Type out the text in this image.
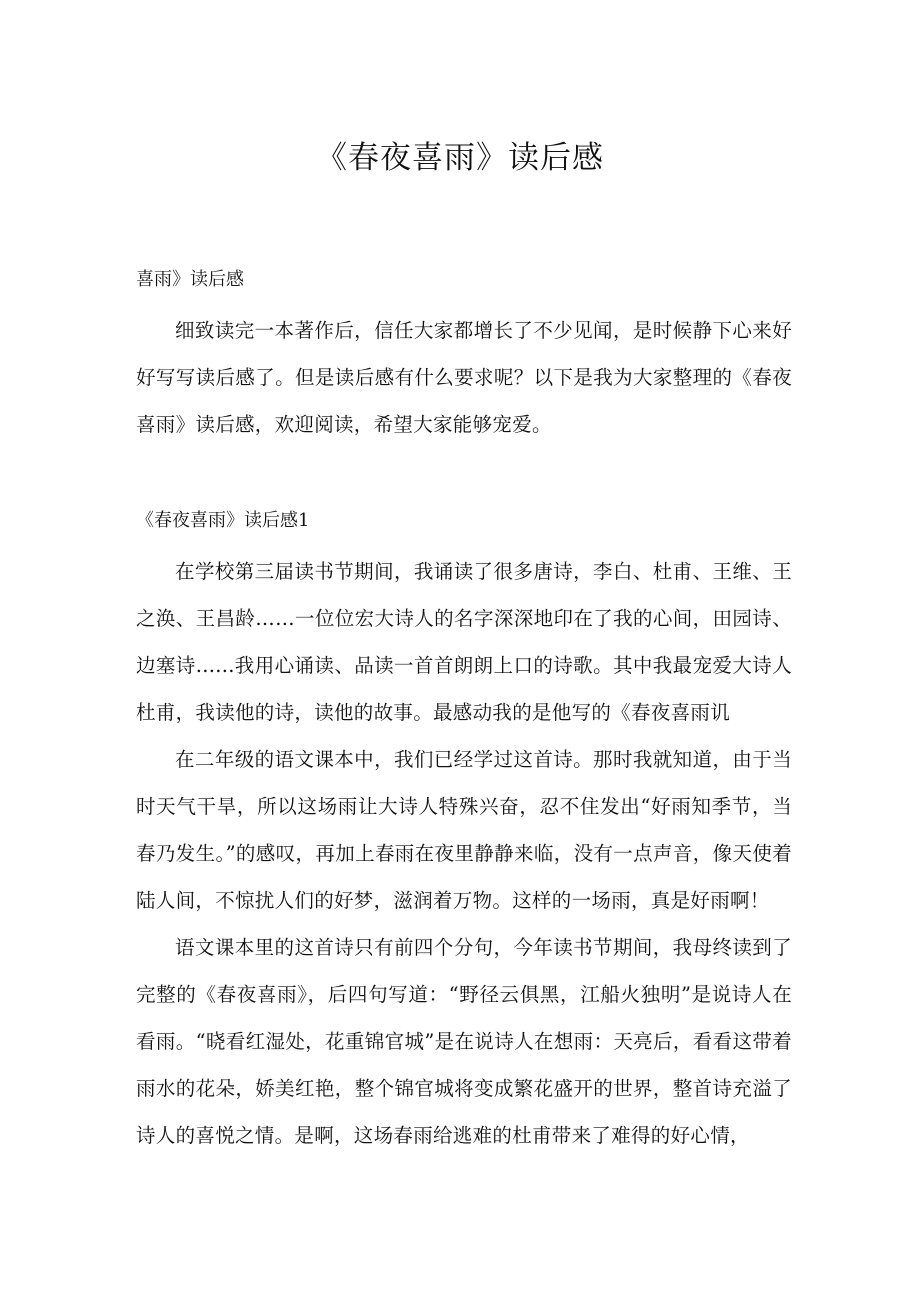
《春夜喜雨》读后感

喜雨》读后感

细致读完一本著作后，信任大家都增长了不少见闻，是时候静下心来好好写写读后感了。但是读后感有什么要求呢？以下是我为大家整理的《春夜喜雨》读后感，欢迎阅读，希望大家能够宠爱。

《春夜喜雨》读后感1

在学校第三届读书节期间，我诵读了很多唐诗，李白、杜甫、王维、王之涣、王昌龄……一位位宏大诗人的名字深深地印在了我的心间，田园诗、边塞诗......我用心诵读、品读一首首朗朗上口的诗歌。其中我最宠爱大诗人杜甫，我读他的诗，读他的故事。最感动我的是他写的《春夜喜雨讥

在二年级的语文课本中，我们已经学过这首诗。那时我就知道，由于当时天气干旱，所以这场雨让大诗人特殊兴奋，忍不住发出“好雨知季节，当春乃发生。”的感叹，再加上春雨在夜里静静来临，没有一点声音，像天使着陆人间，不惊扰人们的好梦，滋润着万物。这样的一场雨，真是好雨啊！

语文课本里的这首诗只有前四个分句，今年读书节期间，我母终读到了完整的《春夜喜雨》，后四句写道：“野径云俱黑，江船火独明”是说诗人在看雨。“晓看红湿处，花重锦官城”是在说诗人在想雨：天亮后，看看这带着雨水的花朵，娇美红艳，整个锦官城将变成繁花盛开的世界，整首诗充溢了诗人的喜悦之情。是啊，这场春雨给逃难的杜甫带来了难得的好心情，
